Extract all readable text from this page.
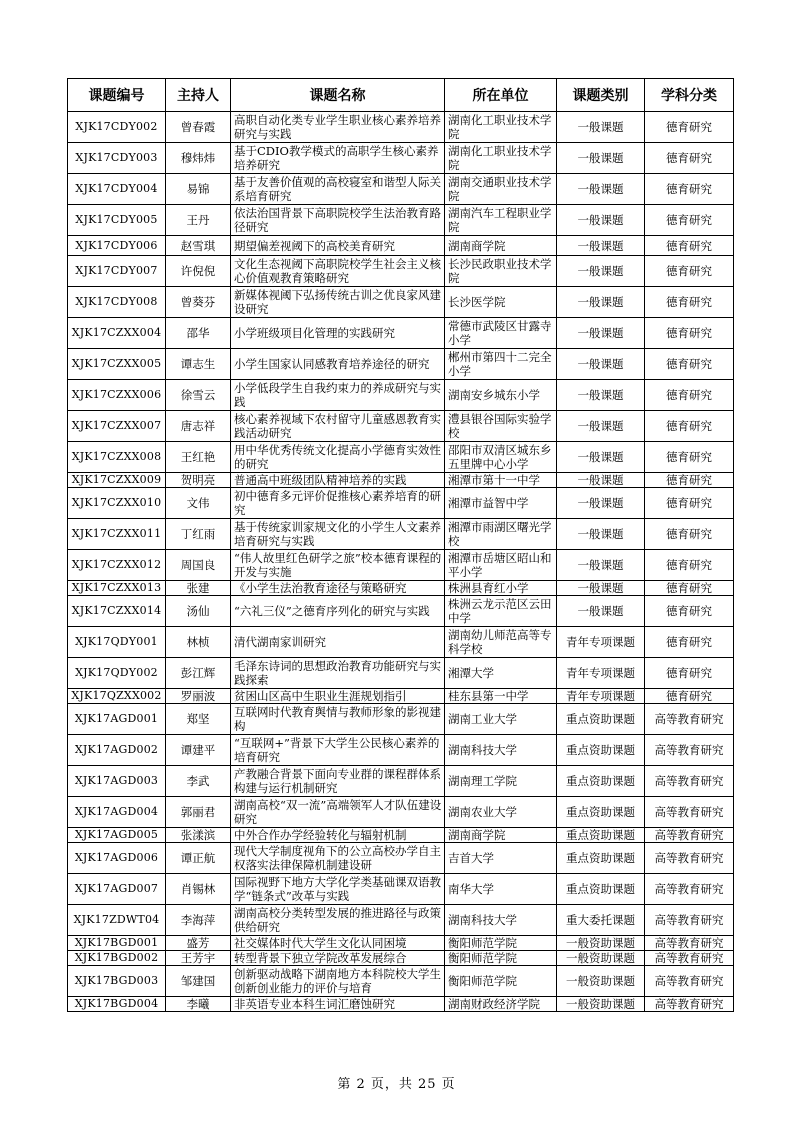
课题编号	主持人	课题名称	所在单位	课题类别	学科分类
XJK17CDY002	曾春霞	高职自动化类专业学生职业核心素养培养研究与实践	湖南化工职业技术学院	一般课题	德育研究
XJK17CDY003	穆炜炜	基于CDIO教学模式的高职学生核心素养培养研究	湖南化工职业技术学院	一般课题	德育研究
XJK17CDY004	易锦	基于友善价值观的高校寝室和谐型人际关系培育研究	湖南交通职业技术学院	一般课题	德育研究
XJK17CDY005	王丹	依法治国背景下高职院校学生法治教育路径研究	湖南汽车工程职业学院	一般课题	德育研究
XJK17CDY006	赵雪琪	期望偏差视阈下的高校美育研究	湖南商学院	一般课题	德育研究
XJK17CDY007	许倪倪	文化生态视阈下高职院校学生社会主义核心价值观教育策略研究	长沙民政职业技术学院	一般课题	德育研究
XJK17CDY008	曾葵芬	新媒体视阈下弘扬传统古训之优良家风建设研究	长沙医学院	一般课题	德育研究
XJK17CZXX004	邵华	小学班级项目化管理的实践研究	常德市武陵区甘露寺小学	一般课题	德育研究
XJK17CZXX005	谭志生	小学生国家认同感教育培养途径的研究	郴州市第四十二完全小学	一般课题	德育研究
XJK17CZXX006	徐雪云	小学低段学生自我约束力的养成研究与实践	湖南安乡城东小学	一般课题	德育研究
XJK17CZXX007	唐志祥	核心素养视域下农村留守儿童感恩教育实践活动研究	澧县银谷国际实验学校	一般课题	德育研究
XJK17CZXX008	王红艳	用中华优秀传统文化提高小学德育实效性的研究	邵阳市双清区城东乡五里牌中心小学	一般课题	德育研究
XJK17CZXX009	贺明亮	普通高中班级团队精神培养的实践	湘潭市第十一中学	一般课题	德育研究
XJK17CZXX010	文伟	初中德育多元评价促推核心素养培育的研究	湘潭市益智中学	一般课题	德育研究
XJK17CZXX011	丁红雨	基于传统家训家规文化的小学生人文素养培育研究与实践	湘潭市雨湖区曙光学校	一般课题	德育研究
XJK17CZXX012	周国良	“伟人故里红色研学之旅”校本德育课程的开发与实施	湘潭市岳塘区昭山和平小学	一般课题	德育研究
XJK17CZXX013	张建	《小学生法治教育途径与策略研究	株洲县育红小学	一般课题	德育研究
XJK17CZXX014	汤仙	“六礼三仪”之德育序列化的研究与实践	株洲云龙示范区云田中学	一般课题	德育研究
XJK17QDY001	林桢	清代湖南家训研究	湖南幼儿师范高等专科学校	青年专项课题	德育研究
XJK17QDY002	彭江辉	毛泽东诗词的思想政治教育功能研究与实践探索	湘潭大学	青年专项课题	德育研究
XJK17QZXX002	罗丽波	贫困山区高中生职业生涯规划指引	桂东县第一中学	青年专项课题	德育研究
XJK17AGD001	郑坚	互联网时代教育舆情与教师形象的影视建构	湖南工业大学	重点资助课题	高等教育研究
XJK17AGD002	谭建平	“互联网+”背景下大学生公民核心素养的培育研究	湖南科技大学	重点资助课题	高等教育研究
XJK17AGD003	李武	产教融合背景下面向专业群的课程群体系构建与运行机制研究	湖南理工学院	重点资助课题	高等教育研究
XJK17AGD004	郭丽君	湖南高校“双一流”高端领军人才队伍建设研究	湖南农业大学	重点资助课题	高等教育研究
XJK17AGD005	张漾滨	中外合作办学经验转化与辐射机制	湖南商学院	重点资助课题	高等教育研究
XJK17AGD006	谭正航	现代大学制度视角下的公立高校办学自主权落实法律保障机制建设研	吉首大学	重点资助课题	高等教育研究
XJK17AGD007	肖锡林	国际视野下地方大学化学类基础课双语教学“链条式”改革与实践	南华大学	重点资助课题	高等教育研究
XJK17ZDWT04	李海萍	湖南高校分类转型发展的推进路径与政策供给研究	湖南科技大学	重大委托课题	高等教育研究
XJK17BGD001	盛芳	社交媒体时代大学生文化认同困境	衡阳师范学院	一般资助课题	高等教育研究
XJK17BGD002	王芳宇	转型背景下独立学院改革发展综合	衡阳师范学院	一般资助课题	高等教育研究
XJK17BGD003	邹建国	创新驱动战略下湖南地方本科院校大学生创新创业能力的评价与培育	衡阳师范学院	一般资助课题	高等教育研究
XJK17BGD004	李曦	非英语专业本科生词汇磨蚀研究	湖南财政经济学院	一般资助课题	高等教育研究
第 2 页，共 25 页
